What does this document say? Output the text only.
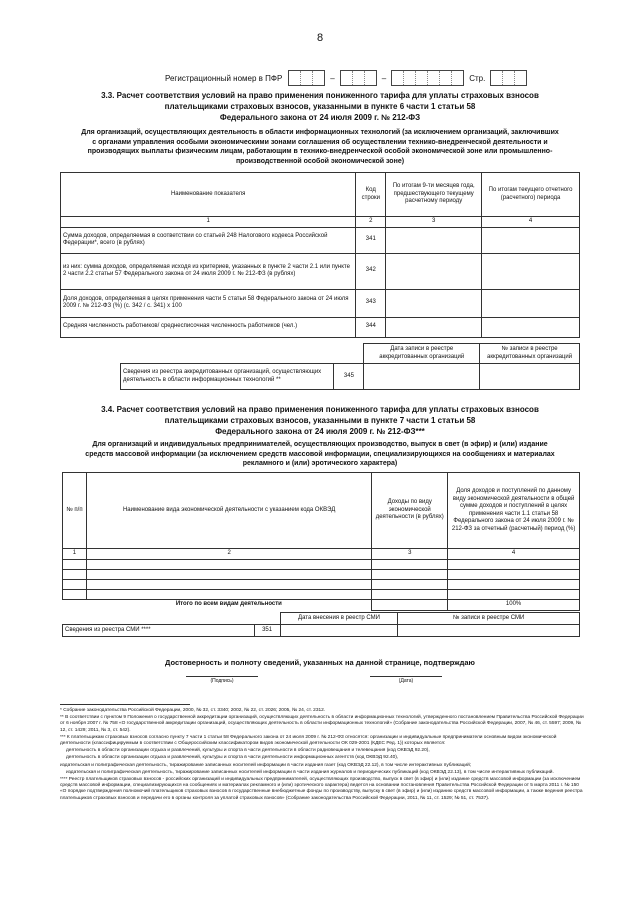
8
Регистрационный номер в ПФР	–	–	Стр.
3.3. Расчет соответствия условий на право применения пониженного тарифа для уплаты страховых взносов
плательщиками страховых взносов, указанными в пункте 6 части 1 статьи 58
Федерального закона от 24 июля 2009 г. № 212-ФЗ
Для организаций, осуществляющих деятельность в области информационных технологий (за исключением организаций, заключивших
с органами управления особыми экономическими зонами соглашения об осуществлении технико-внедренческой деятельности и
производящих выплаты физическим лицам, работающим в технико-внедренческой особой экономической зоне или промышленно-
производственной особой экономической зоне)
Наименование показателя	Код строки	По итогам 9-ти месяцев года, предшествующего текущему расчетному периоду	По итогам текущего отчетного (расчетного) периода
1	2	3	4
Сумма доходов, определяемая в соответствии со статьей 248 Налогового кодекса Российской Федерации*, всего (в рублях)	341		
из них: сумма доходов, определяемая исходя из критериев, указанных в пункте 2 части 2.1 или пункте 2 части 2.2 статьи 57 Федерального закона от 24 июля 2009 г. № 212-ФЗ (в рублях)	342		
Доля доходов, определяемая в целях применения части 5 статьи 58 Федерального закона от 24 июля 2009 г. № 212-ФЗ (%) (с. 342 / с. 341) х 100	343		
Средняя численность работников/ среднесписочная численность работников (чел.)	344		
		Дата записи в реестре аккредитованных организаций	№ записи в реестре аккредитованных организаций
Сведения из реестра аккредитованных организаций, осуществляющих деятельность в области информационных технологий **	345		
3.4. Расчет соответствия условий на право применения пониженного тарифа для уплаты страховых взносов
плательщиками страховых взносов, указанными в пункте 7 части 1 статьи 58
Федерального закона от 24 июля 2009 г. № 212-ФЗ***
Для организаций и индивидуальных предпринимателей, осуществляющих производство, выпуск в свет (в эфир) и (или) издание
средств массовой информации (за исключением средств массовой информации, специализирующихся на сообщениях и материалах
рекламного и (или) эротического характера)
№ п/п	Наименование вида экономической деятельности с указанием кода ОКВЭД	Доходы по виду экономической деятельности (в рублях)	Доля доходов и поступлений по данному виду экономической деятельности в общей сумме доходов и поступлений в целях применения части 1.1 статьи 58 Федерального закона от 24 июля 2009 г. № 212-ФЗ за отчетный (расчетный) период (%)
1	2	3	4

	Итого по всем видам деятельности		100%
		Дата внесения в реестр СМИ	№ записи в реестре СМИ
Сведения из реестра СМИ ****	351		
Достоверность и полноту сведений, указанных на данной странице, подтверждаю
(Подпись)	(Дата)

* Собрание законодательства Российской Федерации, 2000, № 32, ст. 3340; 2002, № 22, ст. 2026; 2005, № 24, ст. 2312.

** В соответствии с пунктом 9 Положения о государственной аккредитации организаций, осуществляющих деятельность в области информационных технологий, утвержденного постановлением Правительства Российской Федерации от 6 ноября 2007 г. № 758 «О государственной аккредитации организаций, осуществляющих деятельность в области информационных технологий» (Собрание законодательства Российской Федерации, 2007, № 46, ст. 5597; 2009, № 12, ст. 1429; 2011, № 3, ст. 542).

*** К плательщикам страховых взносов согласно пункту 7 части 1 статьи 58 Федерального закона от 24 июля 2009 г. № 212-ФЗ относятся: организации и индивидуальные предприниматели основным видом экономической деятельности (классифицируемым в соответствии с Общероссийским классификатором видов экономической деятельности ОК 029-2001 (КДЕС Ред. 1)) которых является:

деятельность в области организации отдыха и развлечений, культуры и спорта в части деятельности в области радиовещания и телевещания (код ОКВЭД 92.20),

деятельность в области организации отдыха и развлечений, культуры и спорта в части деятельности информационных агентств (код ОКВЭД 92.40),

издательская и полиграфическая деятельность, тиражирование записанных носителей информации в части издания газет (код ОКВЭД 22.12), в том числе интерактивных публикаций;

издательская и полиграфическая деятельность, тиражирование записанных носителей информации в части издания журналов и периодических публикаций (код ОКВЭД 22.13), в том числе интерактивных публикаций.

**** Реестр плательщиков страховых взносов - российских организаций и индивидуальных предпринимателей, осуществляющих производство, выпуск в свет (в эфир) и (или) издание средств массовой информации (за исключением средств массовой информации, специализирующихся на сообщениях и материалах рекламного и (или) эротического характера) ведется на основании постановления Правительства Российской Федерации от 5 марта 2011 г. № 150 «О порядке подтверждения полномочий плательщиков страховых взносов в государственные внебюджетные фонды по производству, выпуску в свет (в эфир) и (или) изданию средств массовой информации, а также ведения реестра плательщиков страховых взносов и передачи его в органы контроля за уплатой страховых взносов» (Собрание законодательства Российской Федерации, 2011, № 11, ст. 1529; № 51, ст. 7537).
